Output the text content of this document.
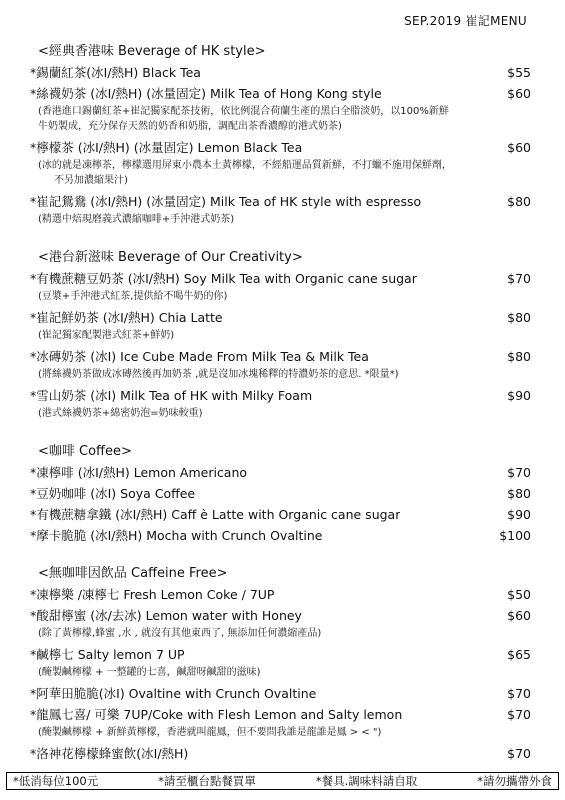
SEP.2019 崔記MENU
<經典香港味 Beverage of HK style>
*錫蘭紅茶(冰I/熱H) Black Tea	$55
*絲襪奶茶 (冰I/熱H) (冰量固定) Milk Tea of Hong Kong style	$60
(香港進口錫蘭紅茶+崔記獨家配茶技術，依比例混合荷蘭生產的黑白全脂淡奶，以100%新鮮
牛奶製成，充分保存天然的奶香和奶脂，調配出茶香濃醇的港式奶茶)
*檸檬茶 (冰I/熱H) (冰量固定) Lemon Black Tea	$60
(冰的就是凍檸茶，檸檬選用屏東小農本土黃檸檬，不經船運品質新鮮，不打蠟不施用保鮮劑，
不另加濃縮果汁)
*崔記鴛鴦 (冰I/熱H) (冰量固定) Milk Tea of HK style with espresso	$80
(精選中焙現磨義式濃縮咖啡+手沖港式奶茶)
<港台新滋味 Beverage of Our Creativity>
*有機蔗糖豆奶茶 (冰I/熱H) Soy Milk Tea with Organic cane sugar	$70
(豆漿+手沖港式紅茶,提供給不喝牛奶的你)
*崔記鮮奶茶 (冰I/熱H) Chia Latte	$80
(崔記獨家配製港式紅茶+鮮奶)
*冰磚奶茶 (冰I) Ice Cube Made From Milk Tea & Milk Tea	$80
(將絲襪奶茶做成冰磚然後再加奶茶 ,就是沒加冰塊稀釋的特濃奶茶的意思. *限量*)
*雪山奶茶 (冰I) Milk Tea of HK with Milky Foam	$90
(港式絲襪奶茶+綿密奶泡=奶味較重)
<咖啡 Coffee>
*凍檸啡 (冰I/熱H) Lemon Americano	$70
*豆奶咖啡 (冰I) Soya Coffee	$80
*有機蔗糖拿鐵 (冰I/熱H) Caff è Latte with Organic cane sugar	$90
*摩卡脆脆 (冰I/熱H) Mocha with Crunch Ovaltine	$100
<無咖啡因飲品 Caffeine Free>
*凍檸樂 /凍檸七 Fresh Lemon Coke / 7UP	$50
*酸甜檸蜜 (冰/去冰) Lemon water with Honey	$60
(除了黃檸檬,蜂蜜 ,水 , 就沒有其他東西了, 無添加任何濃縮產品)
*鹹檸七 Salty lemon 7 UP	$65
(醃製鹹檸檬 + 一整罐的七喜，鹹甜呀鹹甜的滋味)
*阿華田脆脆(冰I) Ovaltine with Crunch Ovaltine	$70
*龍鳳七喜/ 可樂 7UP/Coke with Flesh Lemon and Salty lemon	$70
(醃製鹹檸檬 + 新鮮黃檸檬，香港就叫龍鳳，但不要問我誰是龍誰是鳳 > < ")
*洛神花檸檬蜂蜜飲(冰I/熱H)	$70
*低消每位100元	*請至櫃台點餐買單	*餐具.調味料請自取	*請勿攜帶外食
